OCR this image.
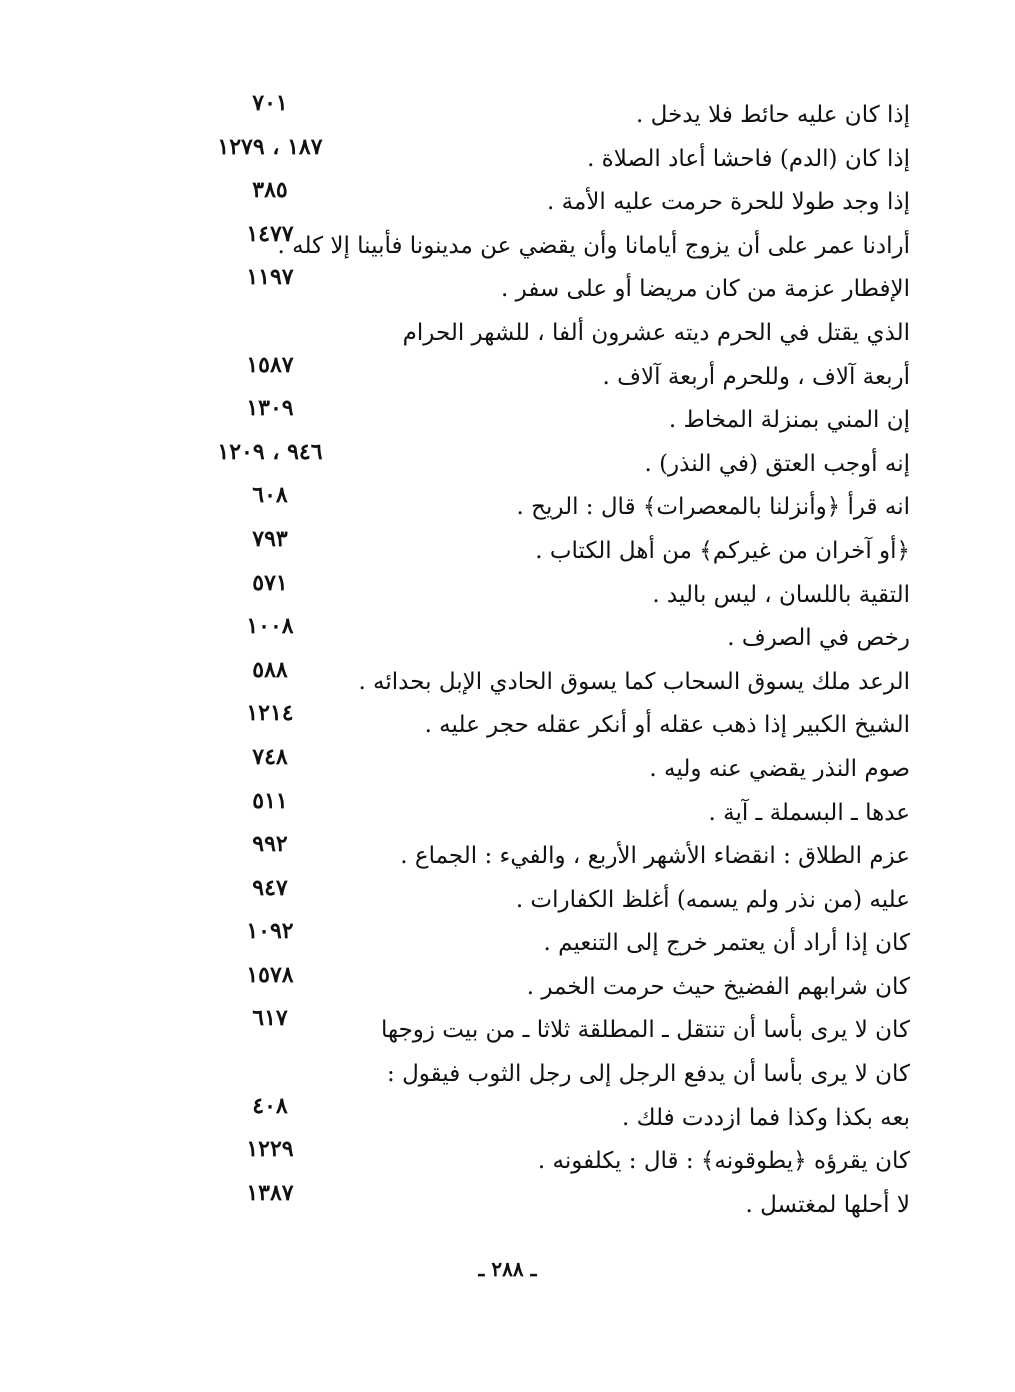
إذا كان عليه حائط فلا يدخل .
٧٠١
إذا كان (الدم) فاحشا أعاد الصلاة .
١٨٧ ، ١٢٧٩
إذا وجد طولا للحرة حرمت عليه الأمة .
٣٨٥
أرادنا عمر على أن يزوج أيامانا وأن يقضي عن مدينونا فأبينا إلا كله .
١٤٧٧
الإفطار عزمة من كان مريضا أو على سفر .
١١٩٧
الذي يقتل في الحرم ديته عشرون ألفا ، للشهر الحرام
أربعة آلاف ، وللحرم أربعة آلاف .
١٥٨٧
إن المني بمنزلة المخاط .
١٣٠٩
إنه أوجب العتق (في النذر) .
٩٤٦ ، ١٢٠٩
انه قرأ ﴿وأنزلنا بالمعصرات﴾ قال : الريح .
٦٠٨
﴿أو آخران من غيركم﴾ من أهل الكتاب .
٧٩٣
التقية باللسان ، ليس باليد .
٥٧١
رخص في الصرف .
١٠٠٨
الرعد ملك يسوق السحاب كما يسوق الحادي الإبل بحدائه .
٥٨٨
الشيخ الكبير إذا ذهب عقله أو أنكر عقله حجر عليه .
١٢١٤
صوم النذر يقضي عنه وليه .
٧٤٨
عدها ـ البسملة ـ آية .
٥١١
عزم الطلاق : انقضاء الأشهر الأربع ، والفيء : الجماع .
٩٩٢
عليه (من نذر ولم يسمه) أغلظ الكفارات .
٩٤٧
كان إذا أراد أن يعتمر خرج إلى التنعيم .
١٠٩٢
كان شرابهم الفضيخ حيث حرمت الخمر .
١٥٧٨
كان لا يرى بأسا أن تنتقل ـ المطلقة ثلاثا ـ من بيت زوجها
٦١٧
كان لا يرى بأسا أن يدفع الرجل إلى رجل الثوب فيقول :
بعه بكذا وكذا فما ازددت فلك .
٤٠٨
كان يقرؤه ﴿يطوقونه﴾ : قال : يكلفونه .
١٢٢٩
لا أحلها لمغتسل .
١٣٨٧
ـ ٢٨٨ ـ
